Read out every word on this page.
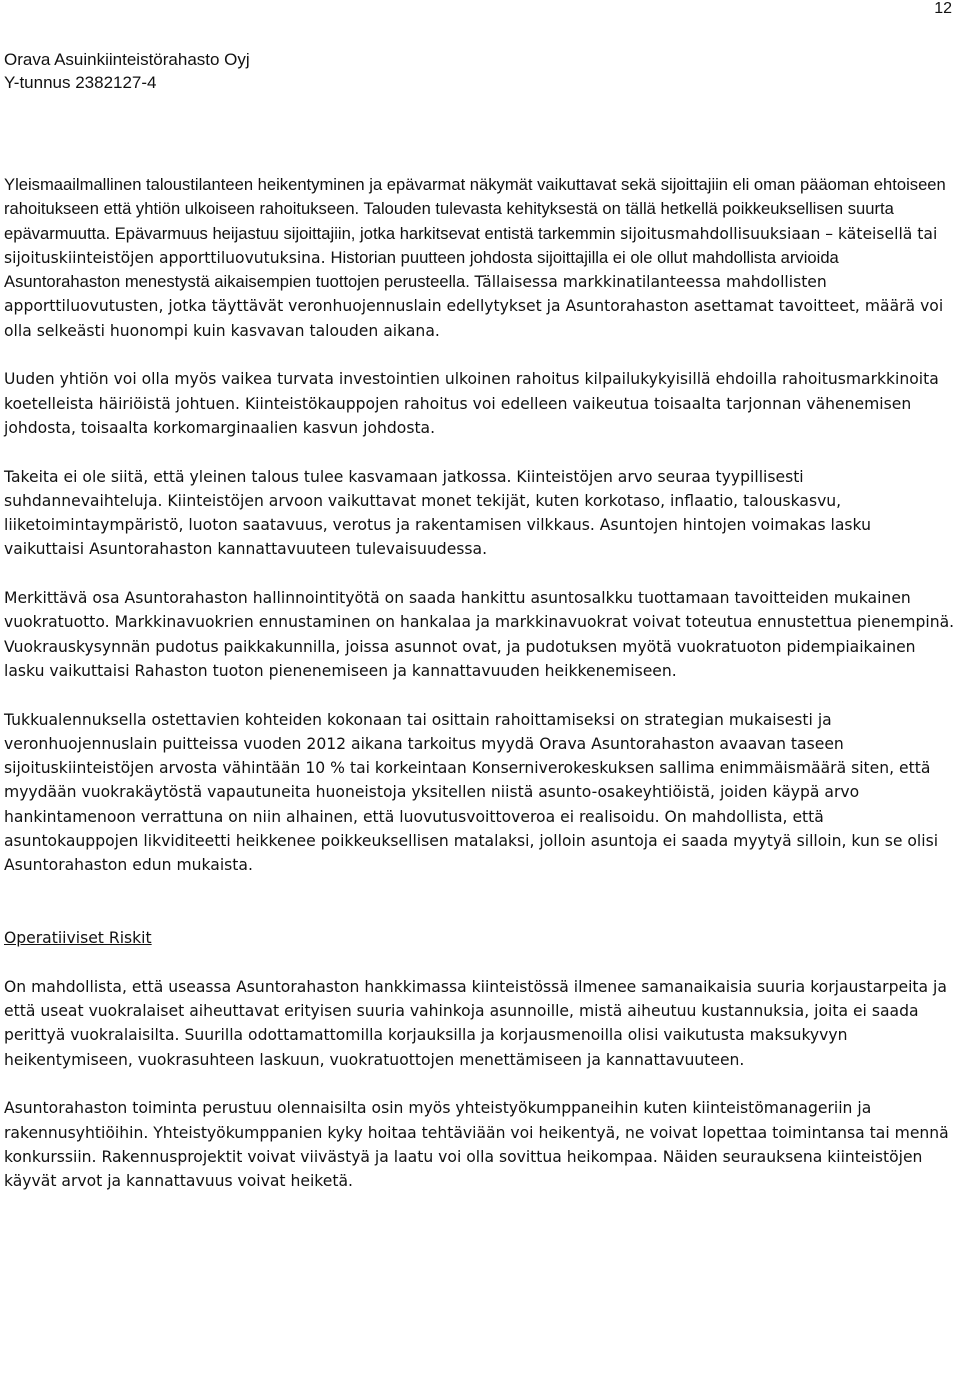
12
Orava Asuinkiinteistörahasto Oyj
Y-tunnus 2382127-4

Yleismaailmallinen taloustilanteen heikentyminen ja epävarmat näkymät vaikuttavat sekä sijoittajiin eli oman pääoman ehtoiseen rahoitukseen että yhtiön ulkoiseen rahoitukseen. Talouden tulevasta kehityksestä on tällä hetkellä poikkeuksellisen suurta epävarmuutta. Epävarmuus heijastuu sijoittajiin, jotka harkitsevat entistä tarkemmin sijoitusmahdollisuuksiaan – käteisellä tai sijoituskiinteistöjen apporttiluovutuksina. Historian puutteen johdosta sijoittajilla ei ole ollut mahdollista arvioida Asuntorahaston menestystä aikaisempien tuottojen perusteella. Tällaisessa markkinatilanteessa mahdollisten apporttiluovutusten, jotka täyttävät veronhuojennuslain edellytykset ja Asuntorahaston asettamat tavoitteet, määrä voi olla selkeästi huonompi kuin kasvavan talouden aikana.

Uuden yhtiön voi olla myös vaikea turvata investointien ulkoinen rahoitus kilpailukykyisillä ehdoilla rahoitusmarkkinoita koetelleista häiriöistä johtuen. Kiinteistökauppojen rahoitus voi edelleen vaikeutua toisaalta tarjonnan vähenemisen johdosta, toisaalta korkomarginaalien kasvun johdosta.

Takeita ei ole siitä, että yleinen talous tulee kasvamaan jatkossa. Kiinteistöjen arvo seuraa tyypillisesti suhdannevaihteluja. Kiinteistöjen arvoon vaikuttavat monet tekijät, kuten korkotaso, inflaatio, talouskasvu, liiketoimintaympäristö, luoton saatavuus, verotus ja rakentamisen vilkkaus. Asuntojen hintojen voimakas lasku vaikuttaisi Asuntorahaston kannattavuuteen tulevaisuudessa.

Merkittävä osa Asuntorahaston hallinnointityötä on saada hankittu asuntosalkku tuottamaan tavoitteiden mukainen vuokratuotto. Markkinavuokrien ennustaminen on hankalaa ja markkinavuokrat voivat toteutua ennustettua pienempinä. Vuokrauskysynnän pudotus paikkakunnilla, joissa asunnot ovat, ja pudotuksen myötä vuokratuoton pidempiaikainen lasku vaikuttaisi Rahaston tuoton pienenemiseen ja kannattavuuden heikkenemiseen.

Tukkualennuksella ostettavien kohteiden kokonaan tai osittain rahoittamiseksi on strategian mukaisesti ja veronhuojennuslain puitteissa vuoden 2012 aikana tarkoitus myydä Orava Asuntorahaston avaavan taseen sijoituskiinteistöjen arvosta vähintään 10 % tai korkeintaan Konserniverokeskuksen sallima enimmäismäärä siten, että myydään vuokrakäytöstä vapautuneita huoneistoja yksitellen niistä asunto-osakeyhtiöistä, joiden käypä arvo hankintamenoon verrattuna on niin alhainen, että luovutusvoittoveroa ei realisoidu. On mahdollista, että asuntokauppojen likviditeetti heikkenee poikkeuksellisen matalaksi, jolloin asuntoja ei saada myytyä silloin, kun se olisi Asuntorahaston edun mukaista.

Operatiiviset Riskit

On mahdollista, että useassa Asuntorahaston hankkimassa kiinteistössä ilmenee samanaikaisia suuria korjaustarpeita ja että useat vuokralaiset aiheuttavat erityisen suuria vahinkoja asunnoille, mistä aiheutuu kustannuksia, joita ei saada perittyä vuokralaisilta. Suurilla odottamattomilla korjauksilla ja korjausmenoilla olisi vaikutusta maksukyvyn heikentymiseen, vuokrasuhteen laskuun, vuokratuottojen menettämiseen ja kannattavuuteen.

Asuntorahaston toiminta perustuu olennaisilta osin myös yhteistyökumppaneihin kuten kiinteistömanageriin ja rakennusyhtiöihin. Yhteistyökumppanien kyky hoitaa tehtäviään voi heikentyä, ne voivat lopettaa toimintansa tai mennä konkurssiin. Rakennusprojektit voivat viivästyä ja laatu voi olla sovittua heikompaa. Näiden seurauksena kiinteistöjen käyvät arvot ja kannattavuus voivat heiketä.
